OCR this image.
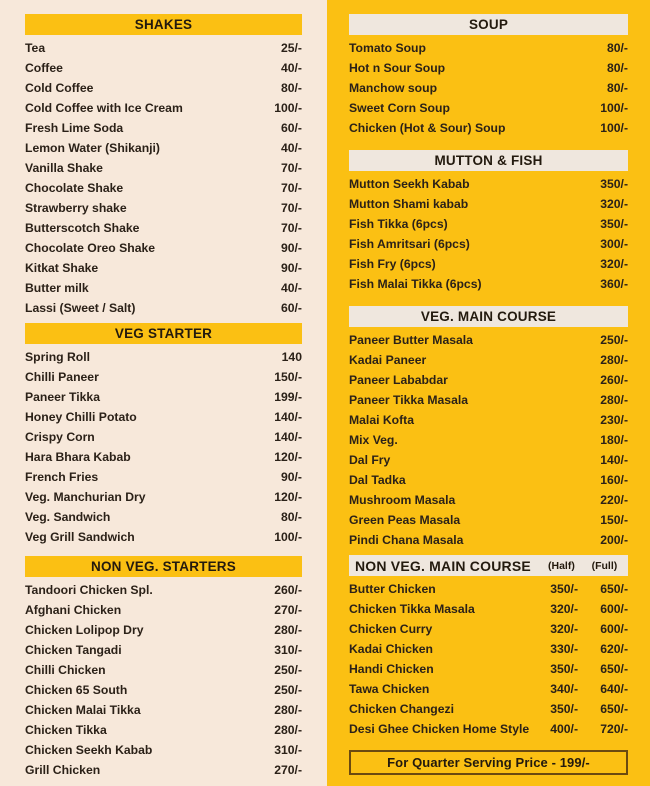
SHAKES
Tea	25/-
Coffee	40/-
Cold Coffee	80/-
Cold Coffee with Ice Cream	100/-
Fresh Lime Soda	60/-
Lemon Water (Shikanji)	40/-
Vanilla Shake	70/-
Chocolate Shake	70/-
Strawberry shake	70/-
Butterscotch Shake	70/-
Chocolate Oreo Shake	90/-
Kitkat Shake	90/-
Butter milk	40/-
Lassi (Sweet / Salt)	60/-
VEG STARTER
Spring Roll	140
Chilli Paneer	150/-
Paneer Tikka	199/-
Honey Chilli Potato	140/-
Crispy Corn	140/-
Hara Bhara Kabab	120/-
French Fries	90/-
Veg. Manchurian Dry	120/-
Veg. Sandwich	80/-
Veg Grill Sandwich	100/-
NON VEG. STARTERS
Tandoori Chicken Spl.	260/-
Afghani Chicken	270/-
Chicken Lolipop Dry	280/-
Chicken Tangadi	310/-
Chilli Chicken	250/-
Chicken 65 South	250/-
Chicken Malai Tikka	280/-
Chicken Tikka	280/-
Chicken Seekh Kabab	310/-
Grill Chicken	270/-
SOUP
Tomato Soup	80/-
Hot n Sour Soup	80/-
Manchow soup	80/-
Sweet Corn Soup	100/-
Chicken (Hot & Sour) Soup	100/-
MUTTON & FISH
Mutton Seekh Kabab	350/-
Mutton Shami kabab	320/-
Fish Tikka (6pcs)	350/-
Fish Amritsari (6pcs)	300/-
Fish Fry (6pcs)	320/-
Fish Malai Tikka (6pcs)	360/-
VEG. MAIN COURSE
Paneer Butter Masala	250/-
Kadai Paneer	280/-
Paneer Lababdar	260/-
Paneer Tikka Masala	280/-
Malai Kofta	230/-
Mix Veg.	180/-
Dal Fry	140/-
Dal Tadka	160/-
Mushroom Masala	220/-
Green Peas Masala	150/-
Pindi Chana Masala	200/-
NON VEG. MAIN COURSE	(Half)	(Full)
Butter Chicken	350/-	650/-
Chicken Tikka Masala	320/-	600/-
Chicken Curry	320/-	600/-
Kadai Chicken	330/-	620/-
Handi Chicken	350/-	650/-
Tawa Chicken	340/-	640/-
Chicken Changezi	350/-	650/-
Desi Ghee Chicken Home Style	400/-	720/-
For Quarter Serving Price - 199/-
